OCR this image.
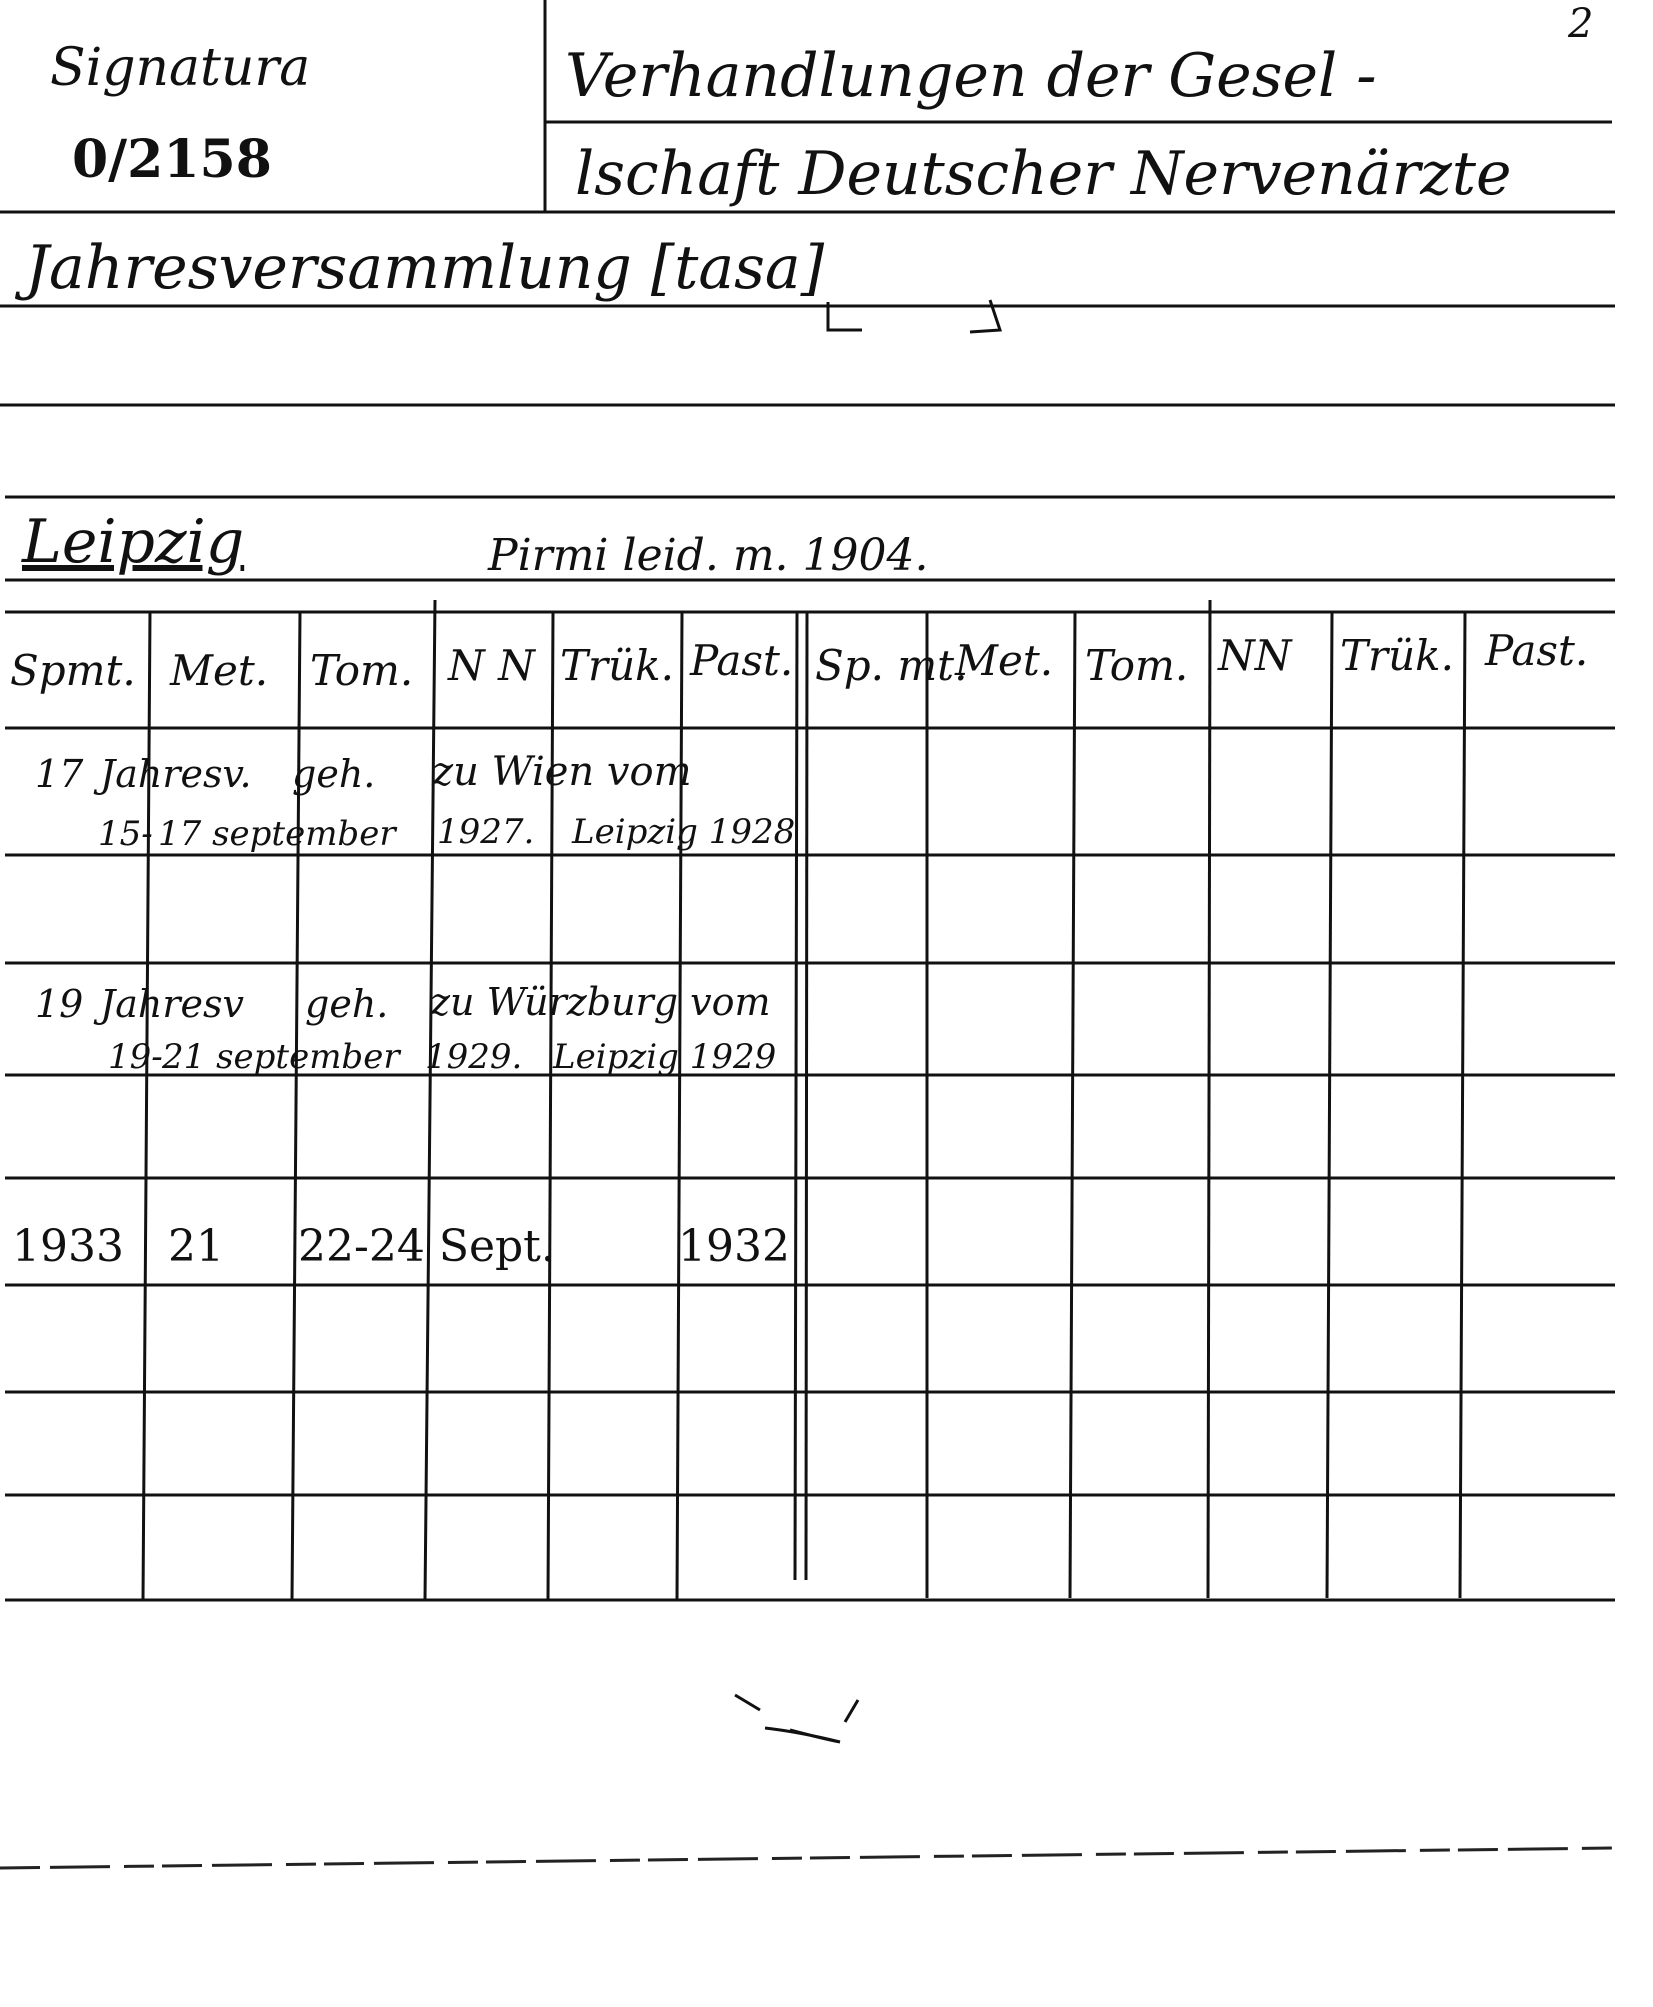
2
Signatura
0/2158
Verhandlungen der Gesel -
lschaft Deutscher Nervenärzte
Jahresversammlung [tasa]
Leipzig	Pirmi leid. m. 1904.
Spmt. Met. Tom. N N Trük. Past. Sp. mt.
Met. Tom. NN Trük. Past.
17 Jahresv. geh. zu Wien vom
15- 17 september 1927. Leipzig 1928
19 Jahresv geh. zu Würzburg vom
19- 21 september 1929. Leipzig 1929
1933 21 22-24 Sept.	1932
